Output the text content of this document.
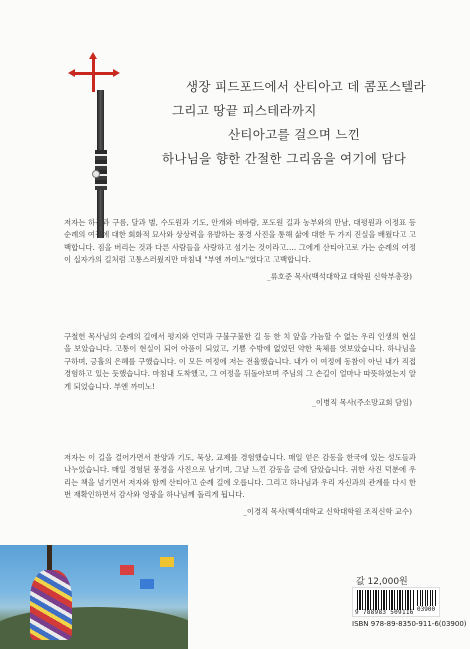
생장 피드포드에서 산티아고 데 콤포스텔라
그리고 땅끝 피스테라까지
산티아고를 걸으며 느낀
하나님을 향한 간절한 그리움을 여기에 담다

저자는 하늘과 구름, 달과 별, 수도원과 기도, 안개와 비바람, 포도원 길과 농부와의 만남, 대평원과 이정표 등 순례의 여정에 대한 회화적 묘사와 상상력을 유발하는 풍경 사진을 통해 삶에 대한 두 가지 진실을 배웠다고 고백합니다. 짐을 버리는 것과 다른 사람들을 사랑하고 섬기는 것이라고…. 그에게 산티아고로 가는 순례의 여정이 십자가의 길처럼 고통스러웠지만 마침내 "부엔 까미노"였다고 고백합니다.

_류호준 목사(백석대학교 대학원 신학부총장)

구철헌 목사님의 순례의 길에서 평지와 언덕과 구불구불한 길 등 한 치 앞을 가늠할 수 없는 우리 인생의 현실을 보았습니다. 고통이 현실이 되어 아픔이 되었고, 기쁨 수밖에 없었던 약한 육체를 엿보았습니다. 하나님을 구하며, 긍휼의 은혜를 구했습니다. 이 모든 여정에 저는 전율했습니다. 내가 이 여정에 동참이 아닌 내가 직접 경험하고 있는 듯했습니다. 마침내 도착했고, 그 여정을 뒤돌아보며 주님의 그 손길이 얼마나 따뜻하였는지 알게 되었습니다. 부엔 까미노!

_이병직 목사(주소망교회 담임)

저자는 이 길을 걸어가면서 찬양과 기도, 묵상, 교제를 경험했습니다. 매일 얻은 감동을 한국에 있는 성도들과 나누었습니다. 매일 경험된 풍경을 사진으로 남기며, 그날 느낀 감동을 글에 담았습니다. 귀한 사진 덕분에 우리는 책을 넘기면서 저자와 함께 산티아고 순례 길에 오릅니다. 그리고 하나님과 우리 자신과의 관계를 다시 한 번 재확인하면서 감사와 영광을 하나님께 돌리게 됩니다.

_이경직 목사(백석대학교 신학대학원 조직신학 교수)
값 12,000원
9 788983 509116 03900
ISBN 978-89-8350-911-6(03900)
